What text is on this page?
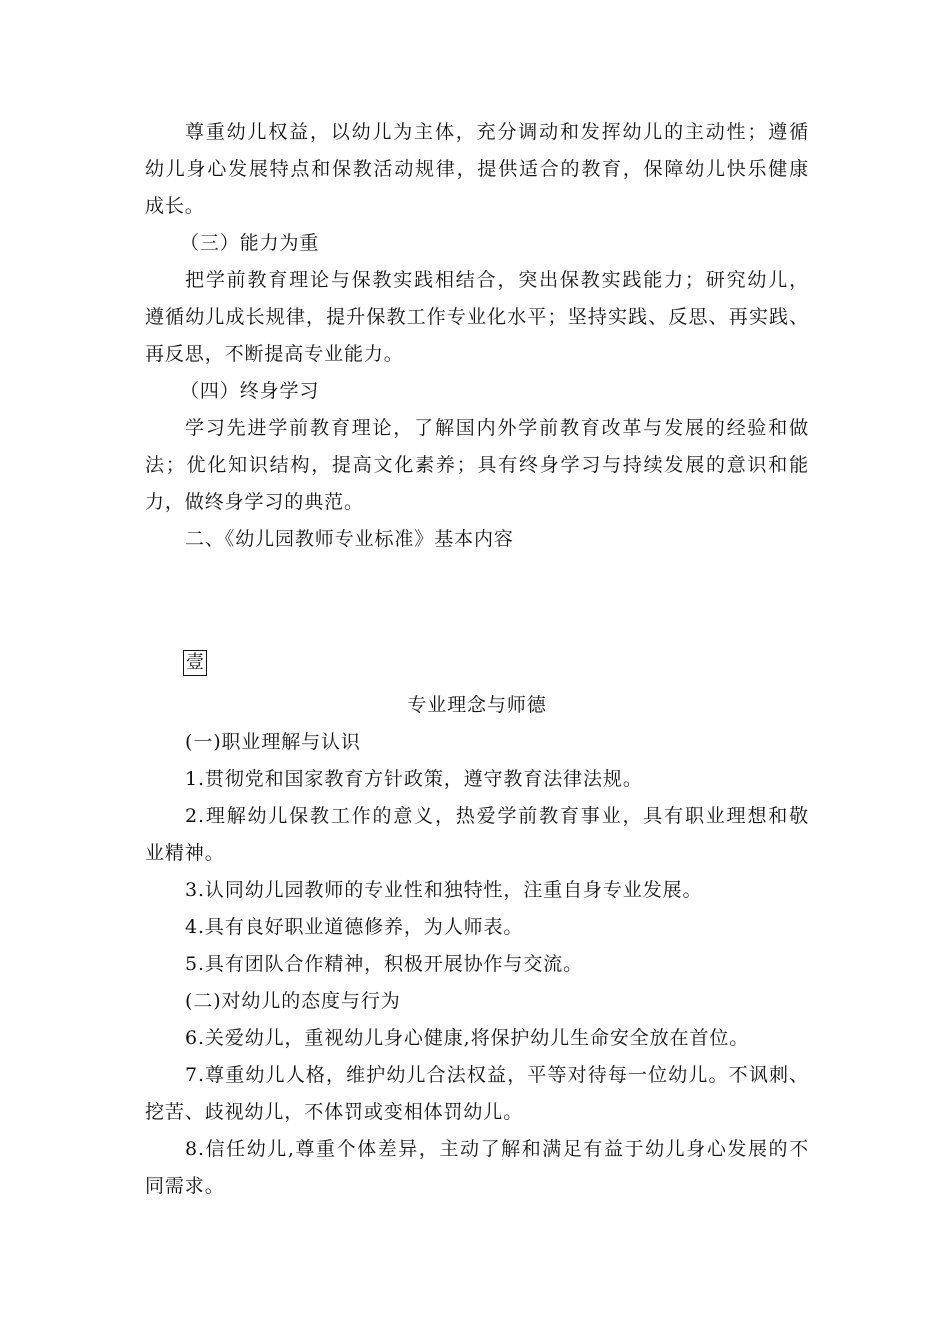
尊重幼儿权益，以幼儿为主体，充分调动和发挥幼儿的主动性；遵循
幼儿身心发展特点和保教活动规律，提供适合的教育，保障幼儿快乐健康
成长。
（三）能力为重
把学前教育理论与保教实践相结合，突出保教实践能力；研究幼儿，
遵循幼儿成长规律，提升保教工作专业化水平；坚持实践、反思、再实践、
再反思，不断提高专业能力。
（四）终身学习
学习先进学前教育理论，了解国内外学前教育改革与发展的经验和做
法；优化知识结构，提高文化素养；具有终身学习与持续发展的意识和能
力，做终身学习的典范。
二、《幼儿园教师专业标准》基本内容
壹
专业理念与师德
(一)职业理解与认识
1.贯彻党和国家教育方针政策，遵守教育法律法规。
2.理解幼儿保教工作的意义，热爱学前教育事业，具有职业理想和敬
业精神。
3.认同幼儿园教师的专业性和独特性，注重自身专业发展。
4.具有良好职业道德修养，为人师表。
5.具有团队合作精神，积极开展协作与交流。
(二)对幼儿的态度与行为
6.关爱幼儿，重视幼儿身心健康,将保护幼儿生命安全放在首位。
7.尊重幼儿人格，维护幼儿合法权益，平等对待每一位幼儿。不讽刺、
挖苦、歧视幼儿，不体罚或变相体罚幼儿。
8.信任幼儿,尊重个体差异，主动了解和满足有益于幼儿身心发展的不
同需求。
